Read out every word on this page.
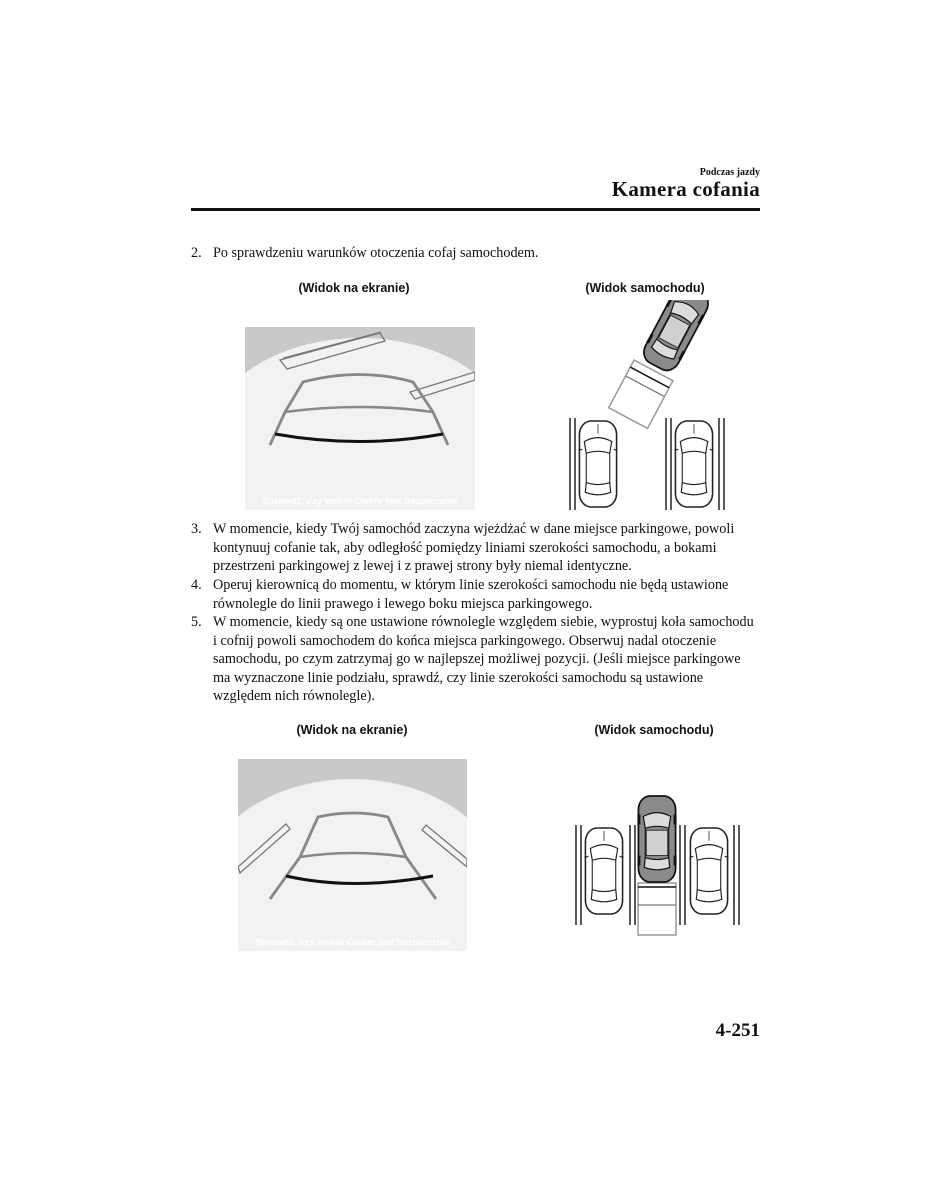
Podczas jazdy
Kamera cofania
2. Po sprawdzeniu warunków otoczenia cofaj samochodem.
(Widok na ekranie)	(Widok samochodu)
Sprawdź, czy wokół Ciebie jest bezpiecznie
3. W momencie, kiedy Twój samochód zaczyna wjeżdżać w dane miejsce parkingowe, powoli kontynuuj cofanie tak, aby odległość pomiędzy liniami szerokości samochodu, a bokami przestrzeni parkingowej z lewej i z prawej strony były niemal identyczne.
4. Operuj kierownicą do momentu, w którym linie szerokości samochodu nie będą ustawione równolegle do linii prawego i lewego boku miejsca parkingowego.
5. W momencie, kiedy są one ustawione równolegle względem siebie, wyprostuj koła samochodu i cofnij powoli samochodem do końca miejsca parkingowego. Obserwuj nadal otoczenie samochodu, po czym zatrzymaj go w najlepszej możliwej pozycji. (Jeśli miejsce parkingowe ma wyznaczone linie podziału, sprawdź, czy linie szerokości samochodu są ustawione względem nich równolegle).
(Widok na ekranie)	(Widok samochodu)
Sprawdź, czy wokół Ciebie jest bezpiecznie
4-251
